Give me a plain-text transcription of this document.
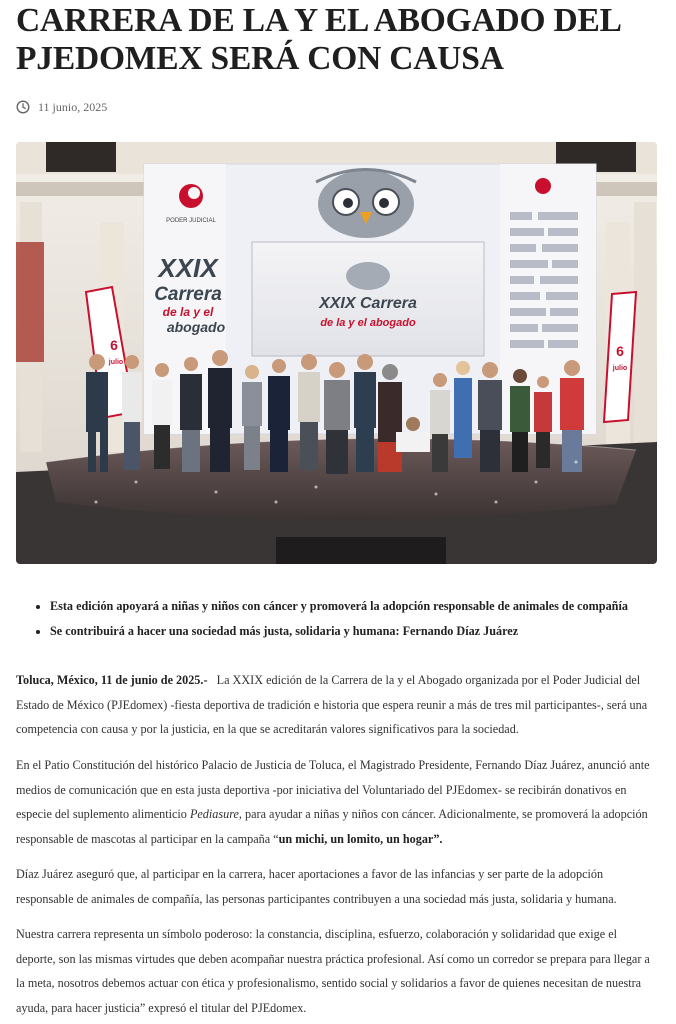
CARRERA DE LA Y EL ABOGADO DEL PJEDOMEX SERÁ CON CAUSA
11 junio, 2025
PODER JUDICIAL
XXIX
Carrera
de la y el
abogado
XXIX Carrera
de la y el abogado
6
julio
6
julio
• Esta edición apoyará a niñas y niños con cáncer y promoverá la adopción responsable de animales de compañía
• Se contribuirá a hacer una sociedad más justa, solidaria y humana: Fernando Díaz Juárez

Toluca, México, 11 de junio de 2025.- La XXIX edición de la Carrera de la y el Abogado organizada por el Poder Judicial del Estado de México (PJEdomex) -fiesta deportiva de tradición e historia que espera reunir a más de tres mil participantes-, será una competencia con causa y por la justicia, en la que se acreditarán valores significativos para la sociedad.

En el Patio Constitución del histórico Palacio de Justicia de Toluca, el Magistrado Presidente, Fernando Díaz Juárez, anunció ante medios de comunicación que en esta justa deportiva -por iniciativa del Voluntariado del PJEdomex- se recibirán donativos en especie del suplemento alimenticio Pediasure, para ayudar a niñas y niños con cáncer. Adicionalmente, se promoverá la adopción responsable de mascotas al participar en la campaña “un michi, un lomito, un hogar”.

Díaz Juárez aseguró que, al participar en la carrera, hacer aportaciones a favor de las infancias y ser parte de la adopción responsable de animales de compañía, las personas participantes contribuyen a una sociedad más justa, solidaria y humana.

Nuestra carrera representa un símbolo poderoso: la constancia, disciplina, esfuerzo, colaboración y solidaridad que exige el deporte, son las mismas virtudes que deben acompañar nuestra práctica profesional. Así como un corredor se prepara para llegar a la meta, nosotros debemos actuar con ética y profesionalismo, sentido social y solidarios a favor de quienes necesitan de nuestra ayuda, para hacer justicia” expresó el titular del PJEdomex.
